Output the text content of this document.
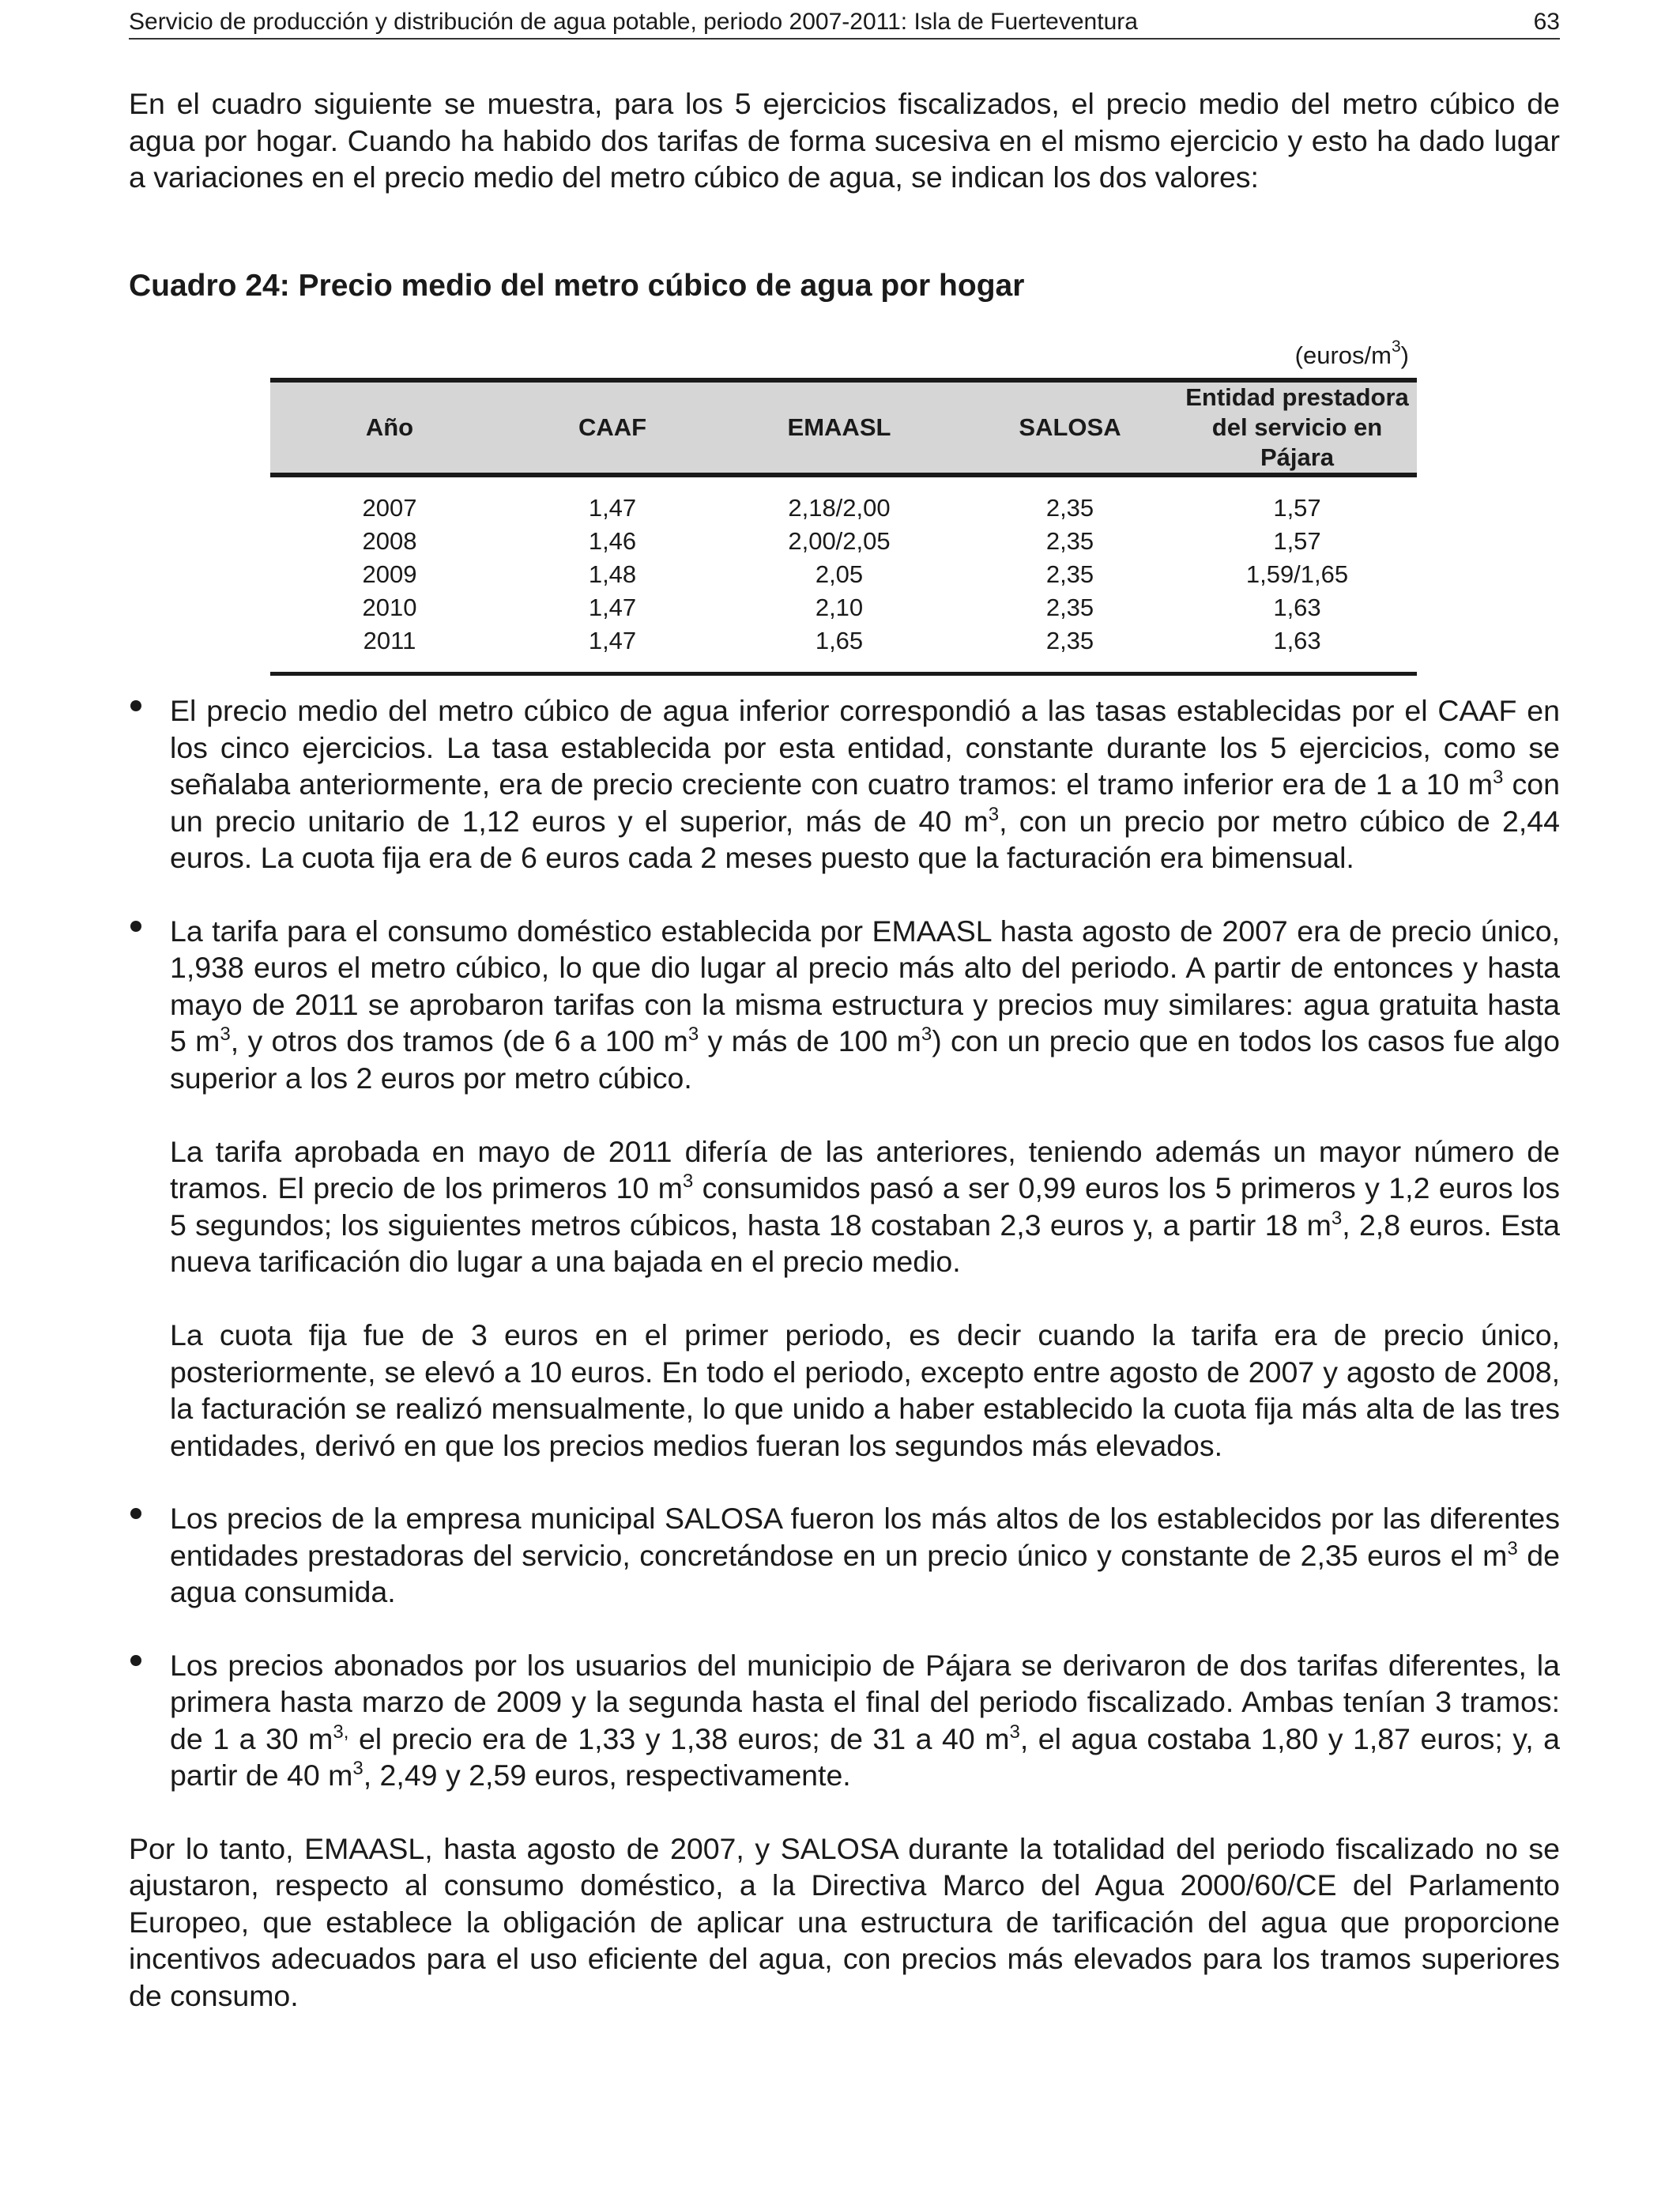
Servicio de producción y distribución de agua potable, periodo 2007-2011: Isla de Fuerteventura	63

En el cuadro siguiente se muestra, para los 5 ejercicios fiscalizados, el precio medio del metro cúbico de agua por hogar. Cuando ha habido dos tarifas de forma sucesiva en el mismo ejercicio y esto ha dado lugar a variaciones en el precio medio del metro cúbico de agua, se indican los dos valores:

Cuadro 24: Precio medio del metro cúbico de agua por hogar
$(euros/m^3)$
Año	CAAF	EMAASL	SALOSA	Entidad prestadora
del servicio en Pájara

2007	1,47	2,18/2,00	2,35	1,57
2008	1,46	2,00/2,05	2,35	1,57
2009	1,48	2,05	2,35	1,59/1,65
2010	1,47	2,10	2,35	1,63
2011	1,47	1,65	2,35	1,63

El precio medio del metro cúbico de agua inferior correspondió a las tasas establecidas por el CAAF en los cinco ejercicios. La tasa establecida por esta entidad, constante durante los 5 ejercicios, como se señalaba anteriormente, era de precio creciente con cuatro tramos: el tramo inferior era de 1 a 10 $m^3$ con un precio unitario de 1,12 euros y el superior, más de 40 $m^3$, con un precio por metro cúbico de 2,44 euros. La cuota fija era de 6 euros cada 2 meses puesto que la facturación era bimensual.

La tarifa para el consumo doméstico establecida por EMAASL hasta agosto de 2007 era de precio único, 1,938 euros el metro cúbico, lo que dio lugar al precio más alto del periodo. A partir de entonces y hasta mayo de 2011 se aprobaron tarifas con la misma estructura y precios muy similares: agua gratuita hasta 5 $m^3$, y otros dos tramos (de 6 a 100 $m^3$ y más de 100 $m^3$) con un precio que en todos los casos fue algo superior a los 2 euros por metro cúbico.

La tarifa aprobada en mayo de 2011 difería de las anteriores, teniendo además un mayor número de tramos. El precio de los primeros 10 $m^3$ consumidos pasó a ser 0,99 euros los 5 primeros y 1,2 euros los 5 segundos; los siguientes metros cúbicos, hasta 18 costaban 2,3 euros y, a partir 18 $m^3$, 2,8 euros. Esta nueva tarificación dio lugar a una bajada en el precio medio.

La cuota fija fue de 3 euros en el primer periodo, es decir cuando la tarifa era de precio único, posteriormente, se elevó a 10 euros. En todo el periodo, excepto entre agosto de 2007 y agosto de 2008, la facturación se realizó mensualmente, lo que unido a haber establecido la cuota fija más alta de las tres entidades, derivó en que los precios medios fueran los segundos más elevados.

Los precios de la empresa municipal SALOSA fueron los más altos de los establecidos por las diferentes entidades prestadoras del servicio, concretándose en un precio único y constante de 2,35 euros el $m^3$ de agua consumida.

Los precios abonados por los usuarios del municipio de Pájara se derivaron de dos tarifas diferentes, la primera hasta marzo de 2009 y la segunda hasta el final del periodo fiscalizado. Ambas tenían 3 tramos: de 1 a 30 $m^{3,}$ el precio era de 1,33 y 1,38 euros; de 31 a 40 $m^3$, el agua costaba 1,80 y 1,87 euros; y, a partir de 40 $m^3$, 2,49 y 2,59 euros, respectivamente.

Por lo tanto, EMAASL, hasta agosto de 2007, y SALOSA durante la totalidad del periodo fiscalizado no se ajustaron, respecto al consumo doméstico, a la Directiva Marco del Agua 2000/60/CE del Parlamento Europeo, que establece la obligación de aplicar una estructura de tarificación del agua que proporcione incentivos adecuados para el uso eficiente del agua, con precios más elevados para los tramos superiores de consumo.
